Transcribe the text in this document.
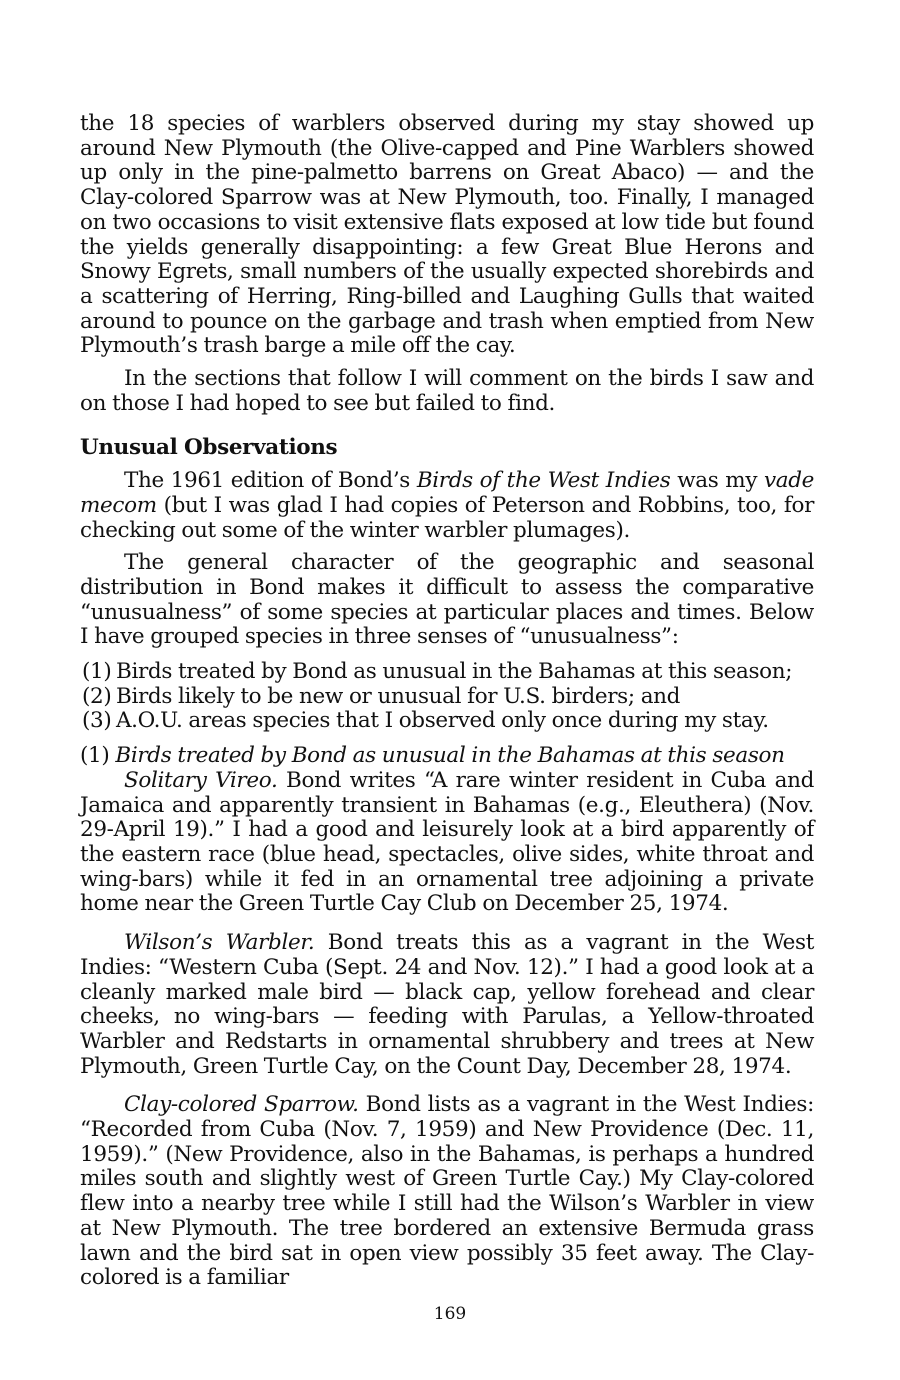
the 18 species of warblers observed during my stay showed up around New Plymouth (the Olive-capped and Pine Warblers showed up only in the pine-palmetto barrens on Great Abaco) — and the Clay-colored Sparrow was at New Plymouth, too. Finally, I managed on two occasions to visit extensive flats exposed at low tide but found the yields generally disappointing: a few Great Blue Herons and Snowy Egrets, small numbers of the usually expected shorebirds and a scattering of Herring, Ring-billed and Laughing Gulls that waited around to pounce on the garbage and trash when emptied from New Plymouth’s trash barge a mile off the cay.

In the sections that follow I will comment on the birds I saw and on those I had hoped to see but failed to find.

Unusual Observations

The 1961 edition of Bond’s Birds of the West Indies was my vade mecom (but I was glad I had copies of Peterson and Robbins, too, for checking out some of the winter warbler plumages).

The general character of the geographic and seasonal distribution in Bond makes it difficult to assess the comparative “unusualness” of some species at particular places and times. Below I have grouped species in three senses of “unusualness”:

(1) Birds treated by Bond as unusual in the Bahamas at this season;
(2) Birds likely to be new or unusual for U.S. birders; and
(3) A.O.U. areas species that I observed only once during my stay.

(1) Birds treated by Bond as unusual in the Bahamas at this season

Solitary Vireo. Bond writes “A rare winter resident in Cuba and Jamaica and apparently transient in Bahamas (e.g., Eleuthera) (Nov. 29-April 19).” I had a good and leisurely look at a bird apparently of the eastern race (blue head, spectacles, olive sides, white throat and wing-bars) while it fed in an ornamental tree adjoining a private home near the Green Turtle Cay Club on December 25, 1974.

Wilson’s Warbler. Bond treats this as a vagrant in the West Indies: “Western Cuba (Sept. 24 and Nov. 12).” I had a good look at a cleanly marked male bird — black cap, yellow forehead and clear cheeks, no wing-bars — feeding with Parulas, a Yellow-throated Warbler and Redstarts in ornamental shrubbery and trees at New Plymouth, Green Turtle Cay, on the Count Day, December 28, 1974.

Clay-colored Sparrow. Bond lists as a vagrant in the West Indies: “Recorded from Cuba (Nov. 7, 1959) and New Providence (Dec. 11, 1959).” (New Providence, also in the Bahamas, is perhaps a hundred miles south and slightly west of Green Turtle Cay.) My Clay-colored flew into a nearby tree while I still had the Wilson’s Warbler in view at New Plymouth. The tree bordered an extensive Bermuda grass lawn and the bird sat in open view possibly 35 feet away. The Clay-colored is a familiar

169
